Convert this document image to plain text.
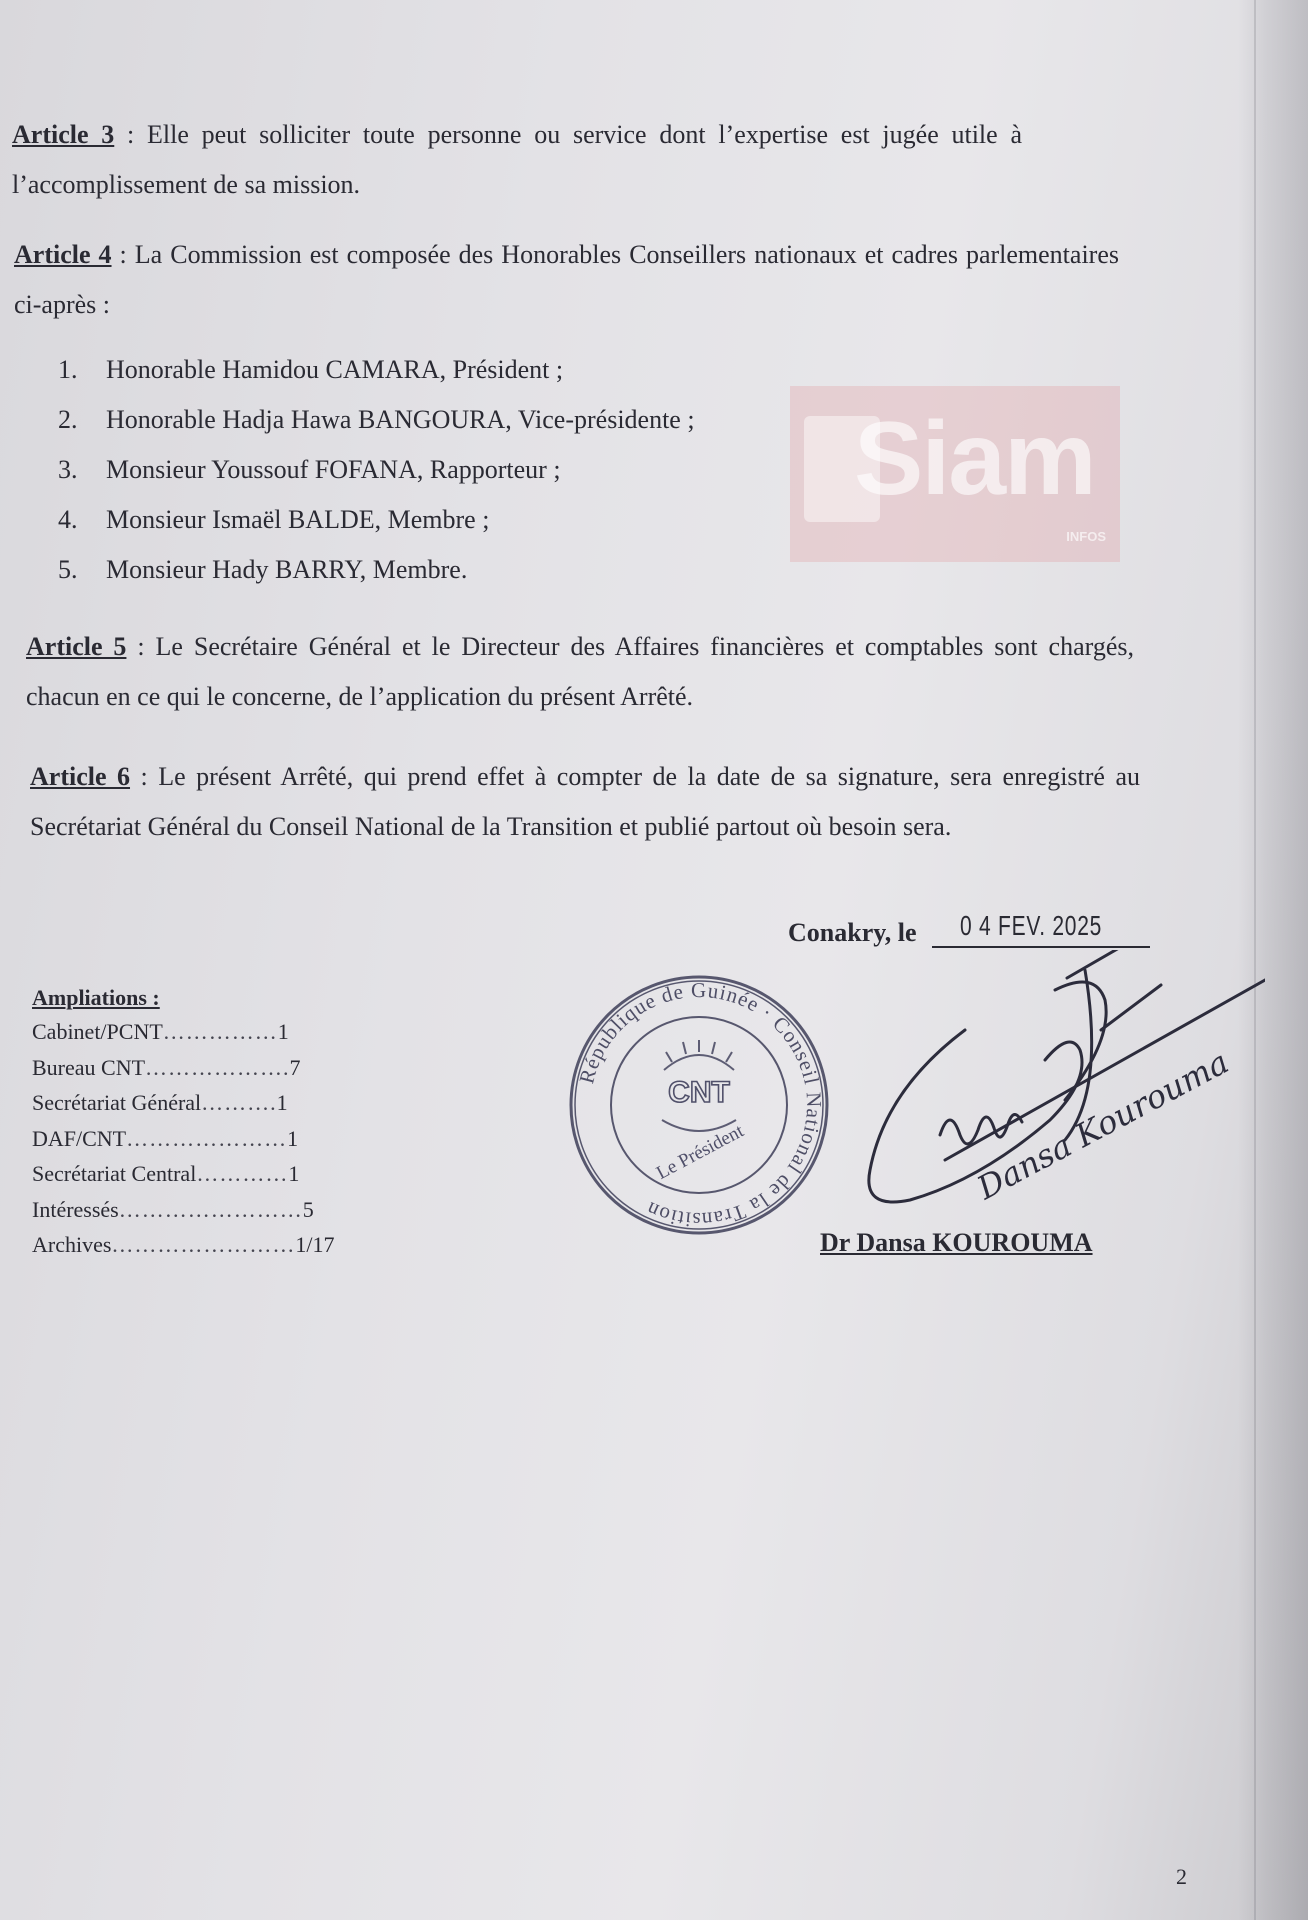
Article 3 : Elle peut solliciter toute personne ou service dont l’expertise est jugée utile à l’accomplissement de sa mission.

Article 4 : La Commission est composée des Honorables Conseillers nationaux et cadres parlementaires ci-après :

1.	Honorable Hamidou CAMARA, Président ;
2.	Honorable Hadja Hawa BANGOURA, Vice-présidente ;
3.	Monsieur Youssouf FOFANA, Rapporteur ;
4.	Monsieur Ismaël BALDE, Membre ;
5.	Monsieur Hady BARRY, Membre.
Siam
INFOS

Article 5 : Le Secrétaire Général et le Directeur des Affaires financières et comptables sont chargés, chacun en ce qui le concerne, de l’application du présent Arrêté.

Article 6 : Le présent Arrêté, qui prend effet à compter de la date de sa signature, sera enregistré au Secrétariat Général du Conseil National de la Transition et publié partout où besoin sera.

Conakry, le 0 4 FEV. 2025
Ampliations :
Cabinet/PCNT …………… 1
Bureau CNT ………………. 7
Secrétariat Général ………. 1
DAF/CNT ………………… 1
Secrétariat Central ………… 1
Intéressés …………………… 5
Archives …………………… 1/17
République de Guinée · Conseil National de la Transition
CNT
Le Président	Dansa Kourouma
Dr Dansa KOUROUMA
2
